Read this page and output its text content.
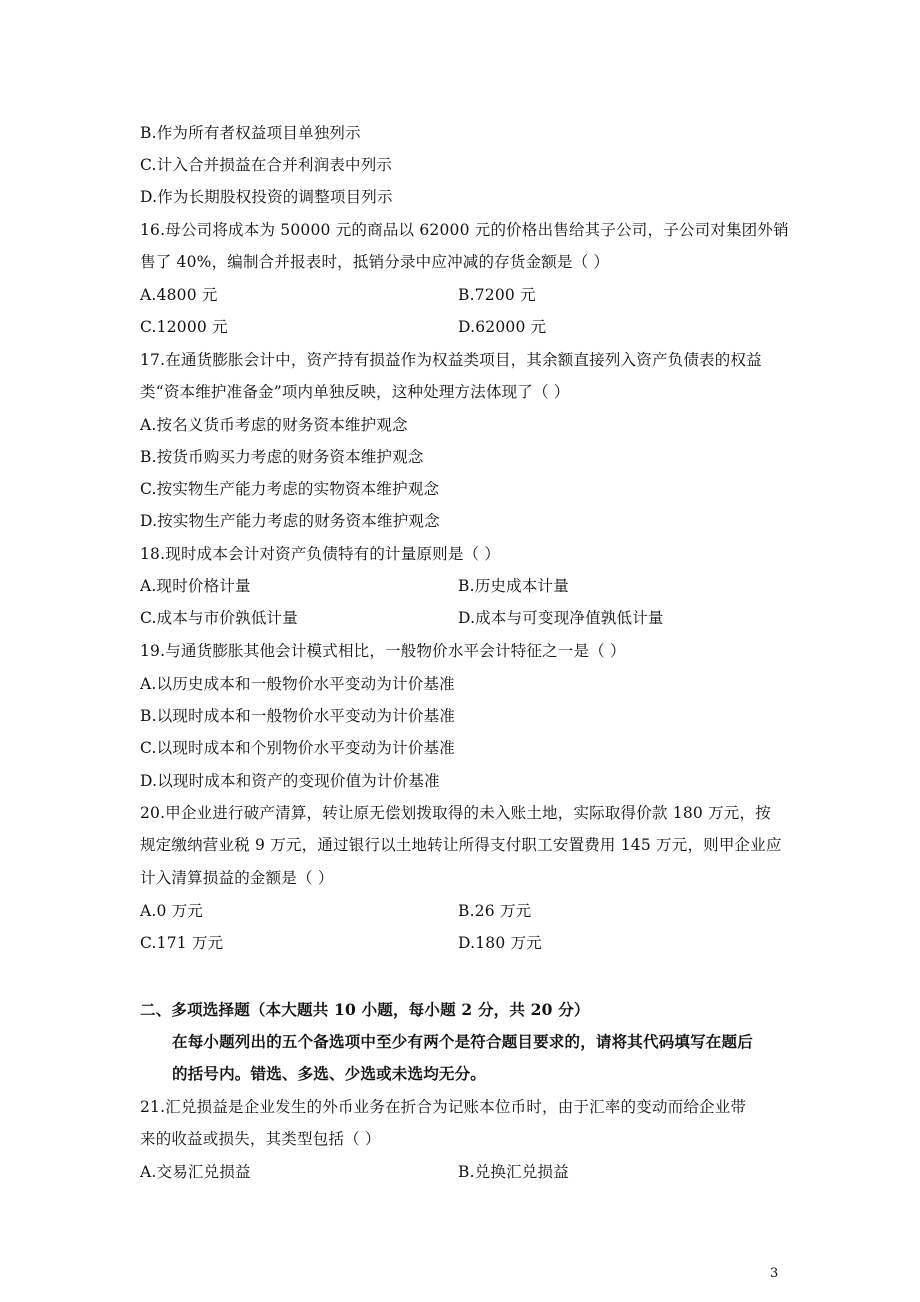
B.作为所有者权益项目单独列示
C.计入合并损益在合并利润表中列示
D.作为长期股权投资的调整项目列示
16.母公司将成本为 50000 元的商品以 62000 元的价格出售给其子公司，子公司对集团外销
售了 40%，编制合并报表时，抵销分录中应冲减的存货金额是（ ）
A.4800 元	B.7200 元
C.12000 元	D.62000 元
17.在通货膨胀会计中，资产持有损益作为权益类项目，其余额直接列入资产负债表的权益
类“资本维护准备金”项内单独反映，这种处理方法体现了（ ）
A.按名义货币考虑的财务资本维护观念
B.按货币购买力考虑的财务资本维护观念
C.按实物生产能力考虑的实物资本维护观念
D.按实物生产能力考虑的财务资本维护观念
18.现时成本会计对资产负债特有的计量原则是（ ）
A.现时价格计量	B.历史成本计量
C.成本与市价孰低计量	D.成本与可变现净值孰低计量
19.与通货膨胀其他会计模式相比，一般物价水平会计特征之一是（ ）
A.以历史成本和一般物价水平变动为计价基准
B.以现时成本和一般物价水平变动为计价基准
C.以现时成本和个别物价水平变动为计价基准
D.以现时成本和资产的变现价值为计价基准
20.甲企业进行破产清算，转让原无偿划拨取得的未入账土地，实际取得价款 180 万元，按
规定缴纳营业税 9 万元，通过银行以土地转让所得支付职工安置费用 145 万元，则甲企业应
计入清算损益的金额是（ ）
A.0 万元	B.26 万元
C.171 万元	D.180 万元
二、多项选择题（本大题共 10 小题，每小题 2 分，共 20 分）
在每小题列出的五个备选项中至少有两个是符合题目要求的，请将其代码填写在题后
的括号内。错选、多选、少选或未选均无分。
21.汇兑损益是企业发生的外币业务在折合为记账本位币时，由于汇率的变动而给企业带
来的收益或损失，其类型包括（ ）
A.交易汇兑损益	B.兑换汇兑损益
3
